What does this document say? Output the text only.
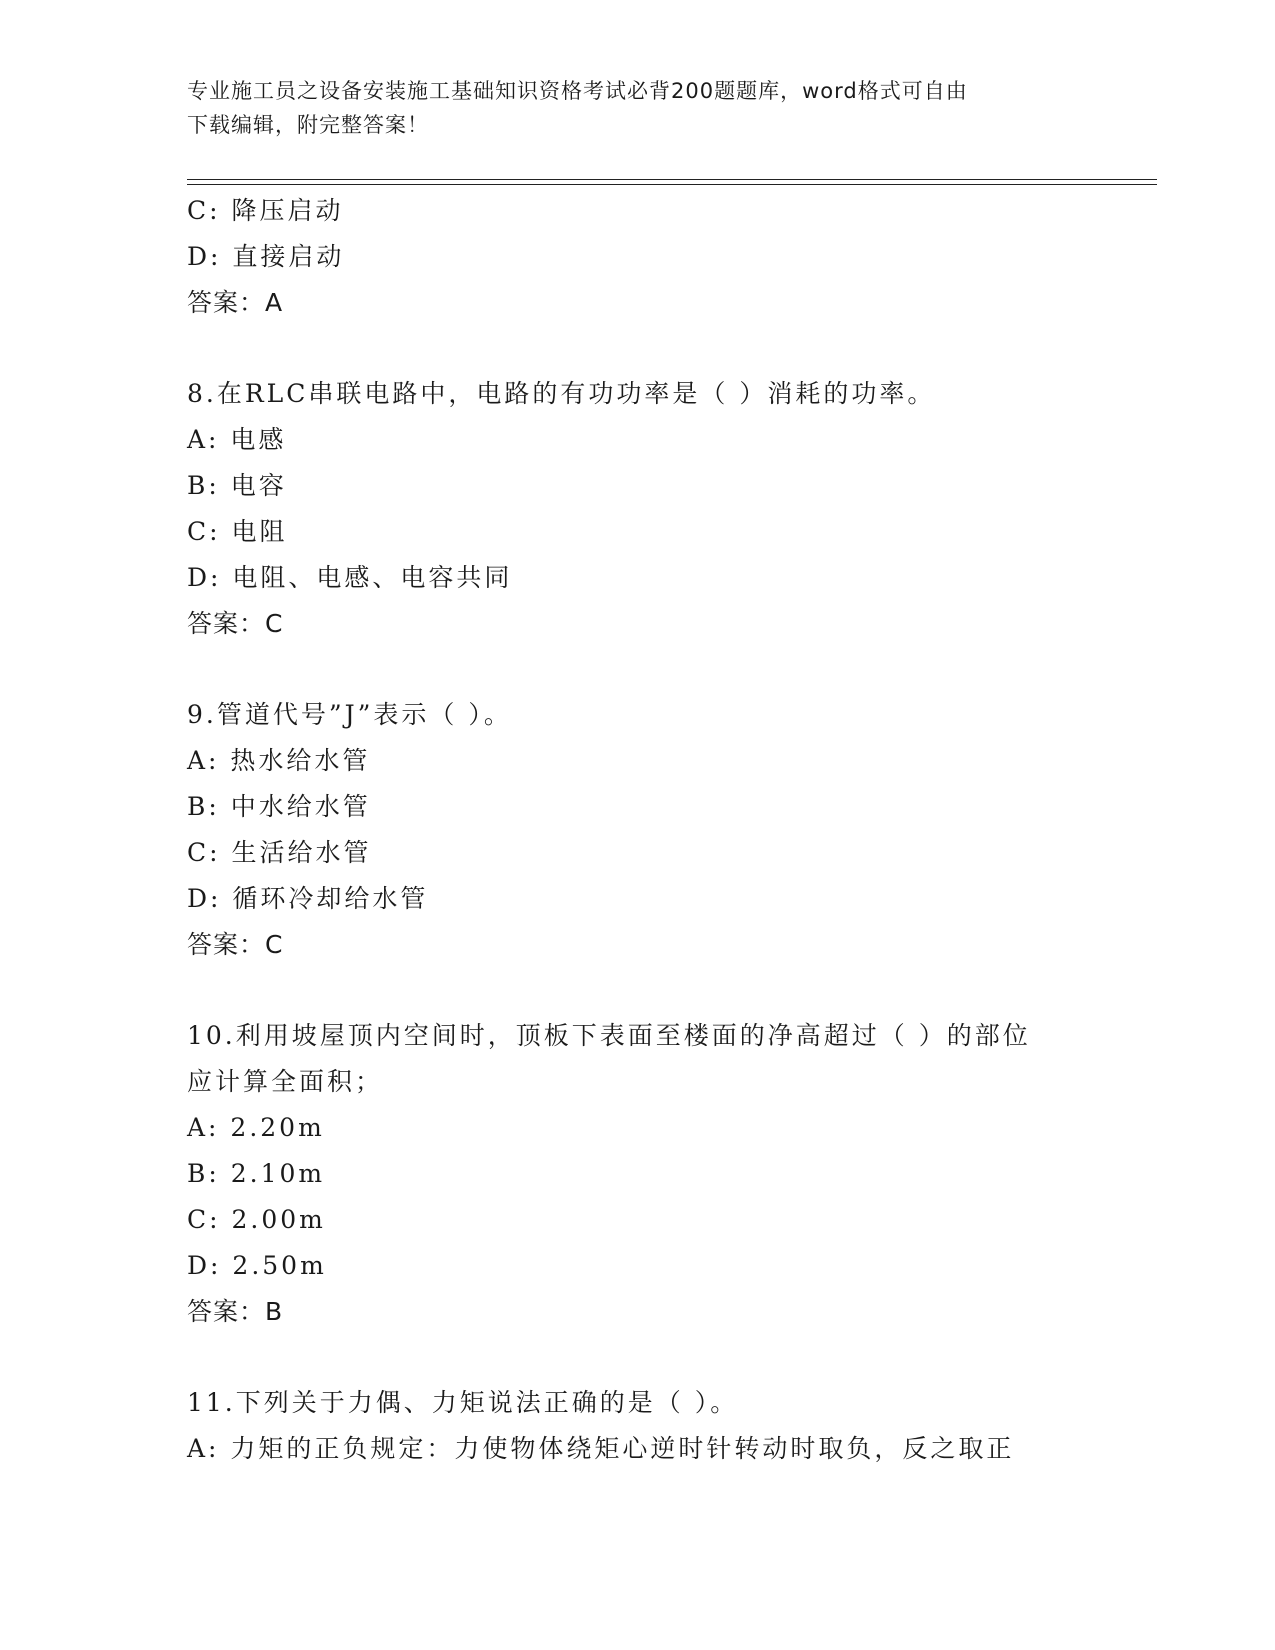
专业施工员之设备安装施工基础知识资格考试必背200题题库，word格式可自由
下载编辑，附完整答案！
C: 降压启动
D: 直接启动
答案：A
8.在RLC串联电路中，电路的有功功率是（ ）消耗的功率。
A: 电感
B: 电容
C: 电阻
D: 电阻、电感、电容共同
答案：C
9.管道代号”J”表示（ ）。
A: 热水给水管
B: 中水给水管
C: 生活给水管
D: 循环冷却给水管
答案：C
10.利用坡屋顶内空间时，顶板下表面至楼面的净高超过（ ）的部位
应计算全面积；
A: 2.20m
B: 2.10m
C: 2.00m
D: 2.50m
答案：B
11.下列关于力偶、力矩说法正确的是（ ）。
A: 力矩的正负规定：力使物体绕矩心逆时针转动时取负，反之取正
